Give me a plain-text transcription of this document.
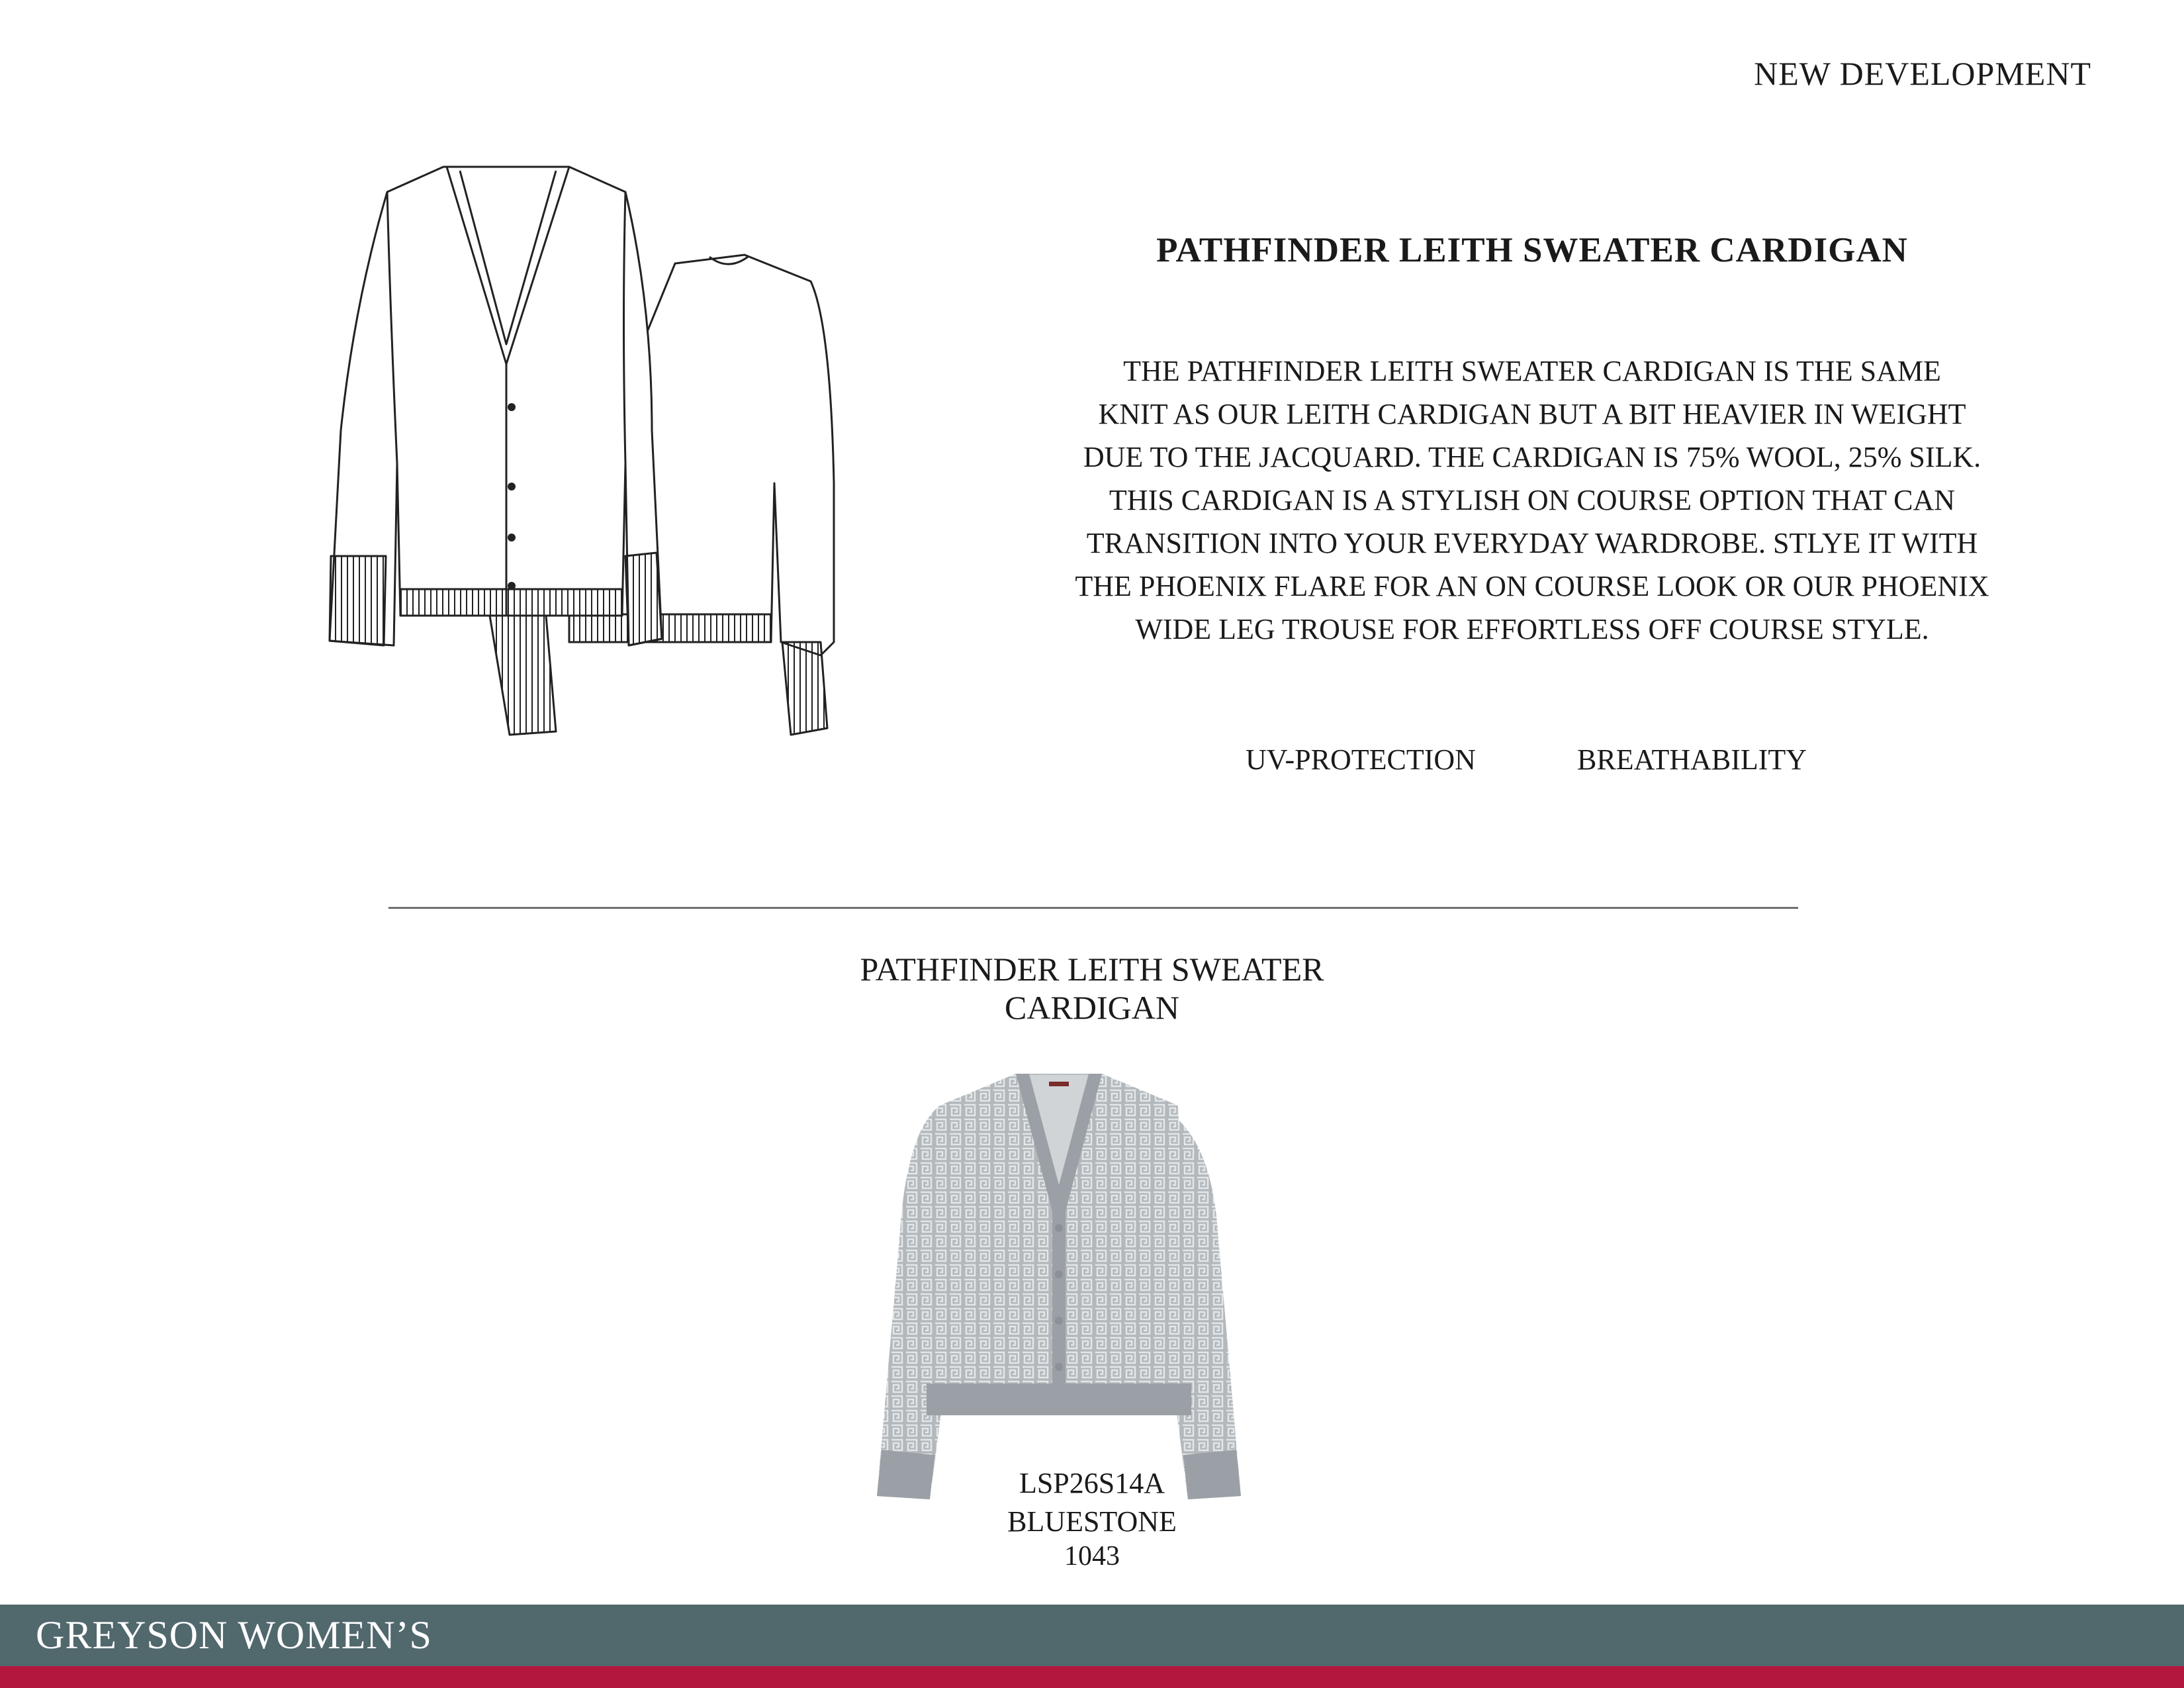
NEW DEVELOPMENT
PATHFINDER LEITH SWEATER CARDIGAN
THE PATHFINDER LEITH SWEATER CARDIGAN IS THE SAME
KNIT AS OUR LEITH CARDIGAN BUT A BIT HEAVIER IN WEIGHT
DUE TO THE JACQUARD. THE CARDIGAN IS 75% WOOL, 25% SILK.
THIS CARDIGAN IS A STYLISH ON COURSE OPTION THAT CAN
TRANSITION INTO YOUR EVERYDAY WARDROBE. STLYE IT WITH
THE PHOENIX FLARE FOR AN ON COURSE LOOK OR OUR PHOENIX
WIDE LEG TROUSE FOR EFFORTLESS OFF COURSE STYLE.
UV-PROTECTION	BREATHABILITY
PATHFINDER LEITH SWEATER
CARDIGAN
LSP26S14A
BLUESTONE
1043
GREYSON WOMEN’S
